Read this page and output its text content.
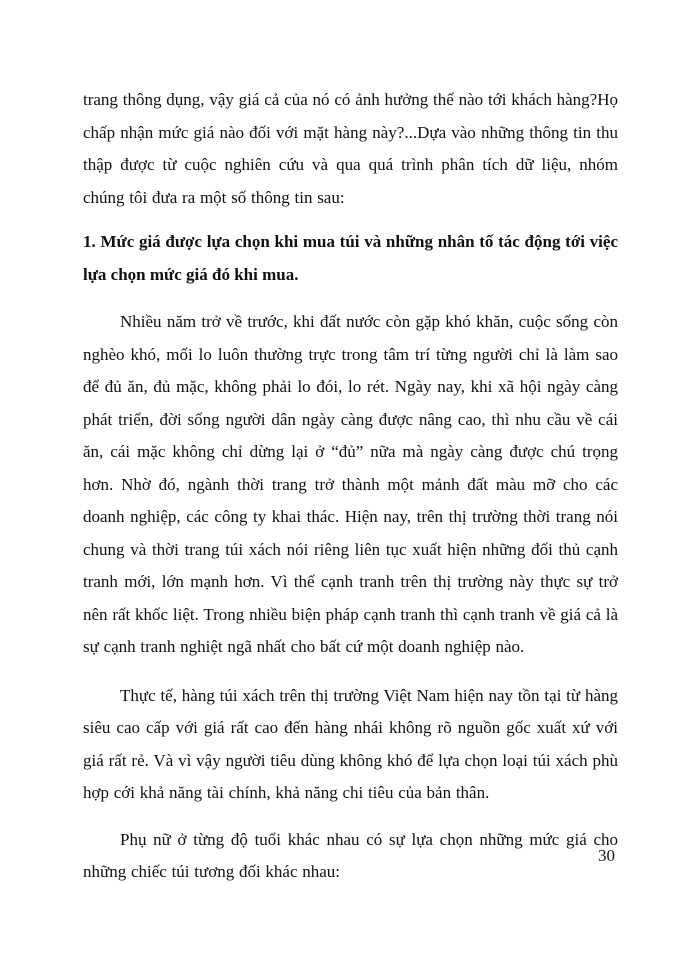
trang thông dụng, vậy giá cả của nó có ảnh hưởng thế nào tới khách hàng?Họ chấp nhận mức giá nào đối với mặt hàng này?...Dựa vào những thông tin thu thập được từ cuộc nghiên cứu và qua quá trình phân tích dữ liệu, nhóm chúng tôi đưa ra một số thông tin sau:

1. Mức giá được lựa chọn khi mua túi và những nhân tố tác động tới việc lựa chọn mức giá đó khi mua.

Nhiều năm trở về trước, khi đất nước còn gặp khó khăn, cuộc sống còn nghèo khó, mối lo luôn thường trực trong tâm trí từng người chỉ là làm sao để đủ ăn, đủ mặc, không phải lo đói, lo rét. Ngày nay, khi xã hội ngày càng phát triển, đời sống người dân ngày càng được nâng cao, thì nhu cầu về cái ăn, cái mặc không chỉ dừng lại ở “đủ” nữa mà ngày càng được chú trọng hơn. Nhờ đó, ngành thời trang trở thành một mảnh đất màu mỡ cho các doanh nghiệp, các công ty khai thác. Hiện nay, trên thị trường thời trang nói chung và thời trang túi xách nói riêng liên tục xuất hiện những đối thủ cạnh tranh mới, lớn mạnh hơn. Vì thế cạnh tranh trên thị trường này thực sự trở nên rất khốc liệt. Trong nhiều biện pháp cạnh tranh thì cạnh tranh về giá cả là sự cạnh tranh nghiệt ngã nhất cho bất cứ một doanh nghiệp nào.

Thực tế, hàng túi xách trên thị trường Việt Nam hiện nay tồn tại từ hàng siêu cao cấp với giá rất cao đến hàng nhái không rõ nguồn gốc xuất xứ với giá rất rẻ. Và vì vậy người tiêu dùng không khó để lựa chọn loại túi xách phù hợp cới khả năng tài chính, khả năng chi tiêu của bản thân.

Phụ nữ ở từng độ tuổi khác nhau có sự lựa chọn những mức giá cho những chiếc túi tương đối khác nhau:

30
